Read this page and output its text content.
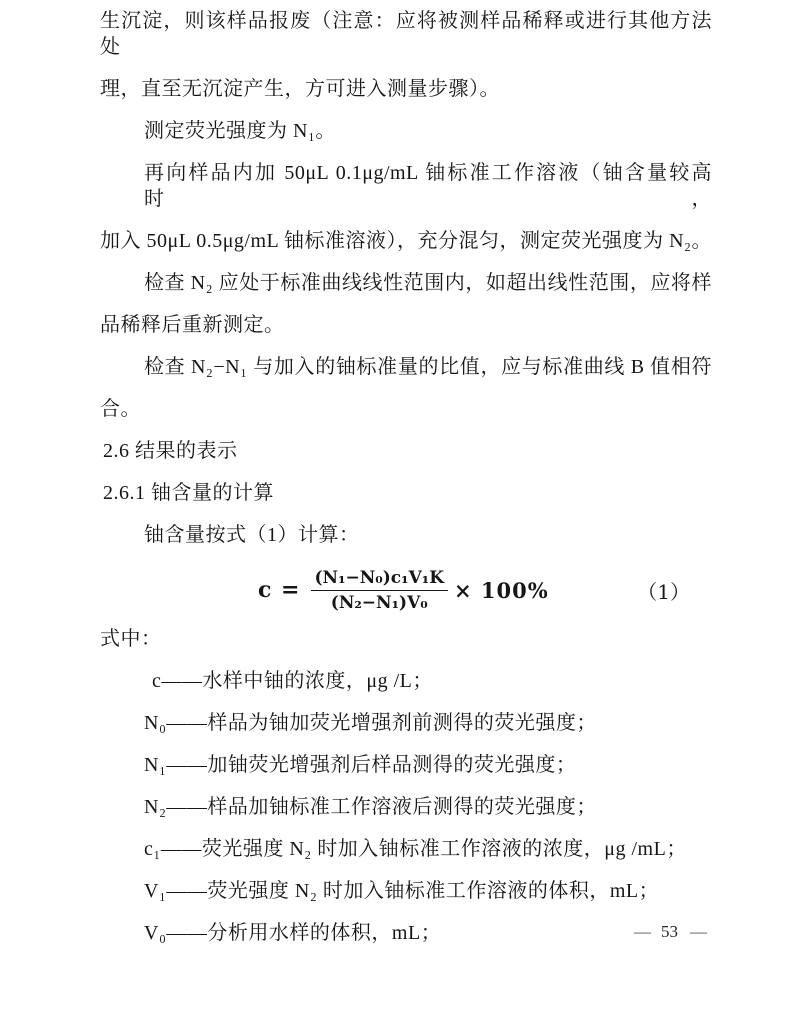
生沉淀，则该样品报废（注意：应将被测样品稀释或进行其他方法处
理，直至无沉淀产生，方可进入测量步骤）。
测定荧光强度为 N₁。
再向样品内加 50μL 0.1μg/mL 铀标准工作溶液（铀含量较高时，
加入 50μL 0.5μg/mL 铀标准溶液），充分混匀，测定荧光强度为 N₂。
检查 N₂ 应处于标准曲线线性范围内，如超出线性范围，应将样
品稀释后重新测定。
检查 N₂−N₁ 与加入的铀标准量的比值，应与标准曲线 B 值相符
合。
2.6 结果的表示
2.6.1 铀含量的计算
铀含量按式（1）计算：
$c = \frac{\text{(N₁−N₀)c₁V₁K}}{\text{(N₂−N₁)V₀}} \times 100\%$	（1）
式中：
c——水样中铀的浓度，μg /L；
N₀——样品为铀加荧光增强剂前测得的荧光强度；
N₁——加铀荧光增强剂后样品测得的荧光强度；
N₂——样品加铀标准工作溶液后测得的荧光强度；
c₁——荧光强度 N₂ 时加入铀标准工作溶液的浓度，μg /mL；
V₁——荧光强度 N₂ 时加入铀标准工作溶液的体积，mL；
V₀——分析用水样的体积，mL；	— 53 —
